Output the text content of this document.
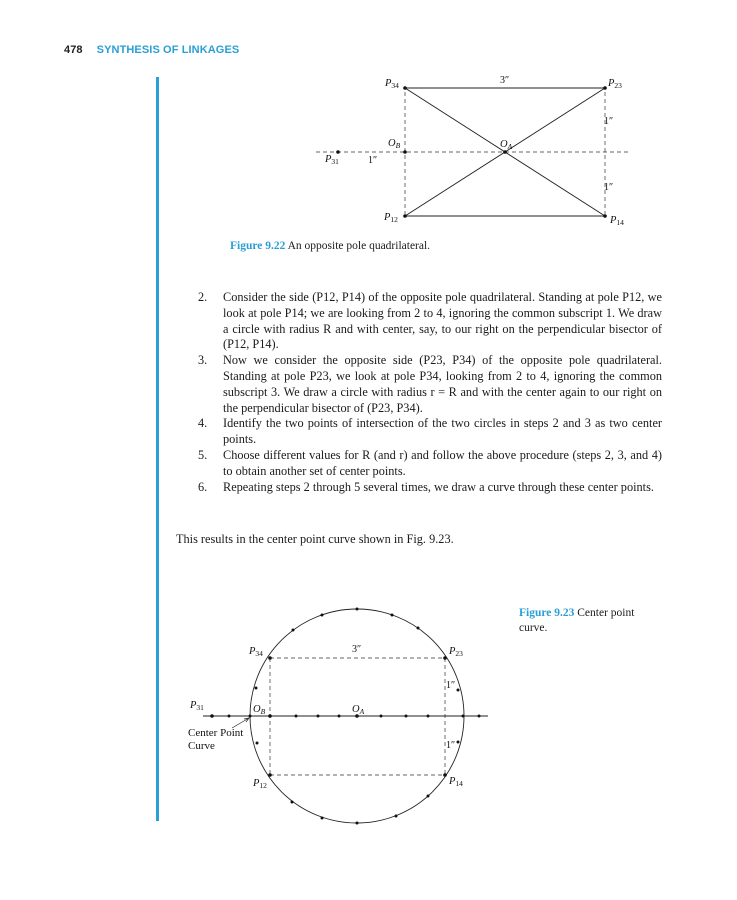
478 SYNTHESIS OF LINKAGES
P34	P23
P12	P14
P31
OB	OA
3″
1″
1″
1″
Figure 9.22 An opposite pole quadrilateral.
2. Consider the side (P12, P14) of the opposite pole quadrilateral. Standing at pole P12, we look at pole P14; we are looking from 2 to 4, ignoring the common subscript 1. We draw a circle with radius R and with center, say, to our right on the perpendicular bisector of (P12, P14).
3. Now we consider the opposite side (P23, P34) of the opposite pole quadrilateral. Standing at pole P23, we look at pole P34, looking from 2 to 4, ignoring the common subscript 3. We draw a circle with radius r = R and with the center again to our right on the perpendicular bisector of (P23, P34).
4. Identify the two points of intersection of the two circles in steps 2 and 3 as two center points.
5. Choose different values for R (and r) and follow the above procedure (steps 2, 3, and 4) to obtain another set of center points.
6. Repeating steps 2 through 5 several times, we draw a curve through these center points.
This results in the center point curve shown in Fig. 9.23.
P34	P23
P12	P14
P31	OB	OA
3″
1″
1″
Center Point
Curve
Figure 9.23 Center point curve.
